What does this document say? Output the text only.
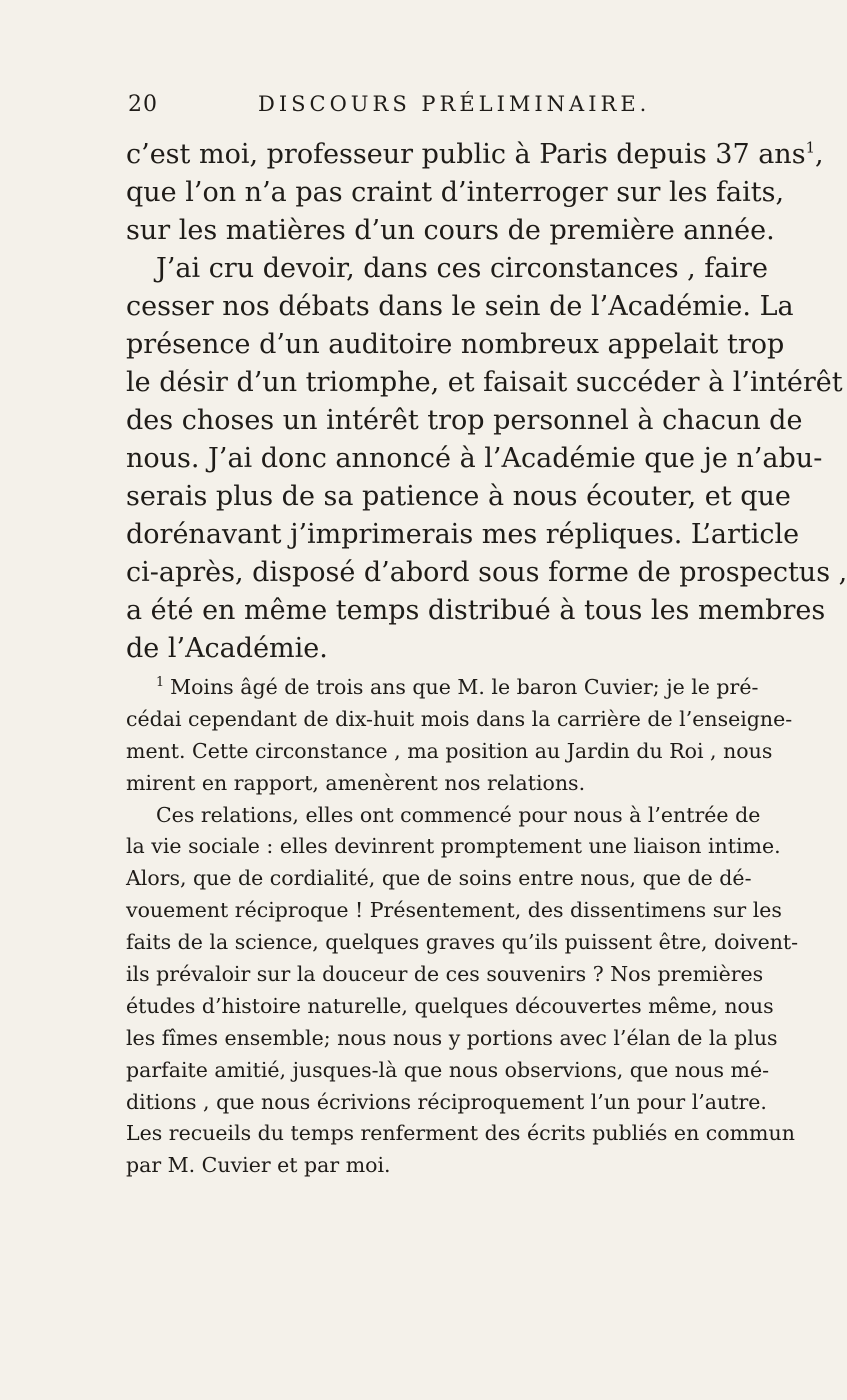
20	DISCOURS PRÉLIMINAIRE.
c’est moi, professeur public à Paris depuis 37 ans$^1$,
que l’on n’a pas craint d’interroger sur les faits,
sur les matières d’un cours de première année.
J’ai cru devoir, dans ces circonstances , faire
cesser nos débats dans le sein de l’Académie. La
présence d’un auditoire nombreux appelait trop
le désir d’un triomphe, et faisait succéder à l’intérêt
des choses un intérêt trop personnel à chacun de
nous. J’ai donc annoncé à l’Académie que je n’abu-
serais plus de sa patience à nous écouter, et que
dorénavant j’imprimerais mes répliques. L’article
ci-après, disposé d’abord sous forme de prospectus ,
a été en même temps distribué à tous les membres
de l’Académie.
$^1$ Moins âgé de trois ans que M. le baron Cuvier; je le pré-
cédai cependant de dix-huit mois dans la carrière de l’enseigne-
ment. Cette circonstance , ma position au Jardin du Roi , nous
mirent en rapport, amenèrent nos relations.
Ces relations, elles ont commencé pour nous à l’entrée de
la vie sociale : elles devinrent promptement une liaison intime.
Alors, que de cordialité, que de soins entre nous, que de dé-
vouement réciproque ! Présentement, des dissentimens sur les
faits de la science, quelques graves qu’ils puissent être, doivent-
ils prévaloir sur la douceur de ces souvenirs ? Nos premières
études d’histoire naturelle, quelques découvertes même, nous
les fîmes ensemble; nous nous y portions avec l’élan de la plus
parfaite amitié, jusques-là que nous observions, que nous mé-
ditions , que nous écrivions réciproquement l’un pour l’autre.
Les recueils du temps renferment des écrits publiés en commun
par M. Cuvier et par moi.
